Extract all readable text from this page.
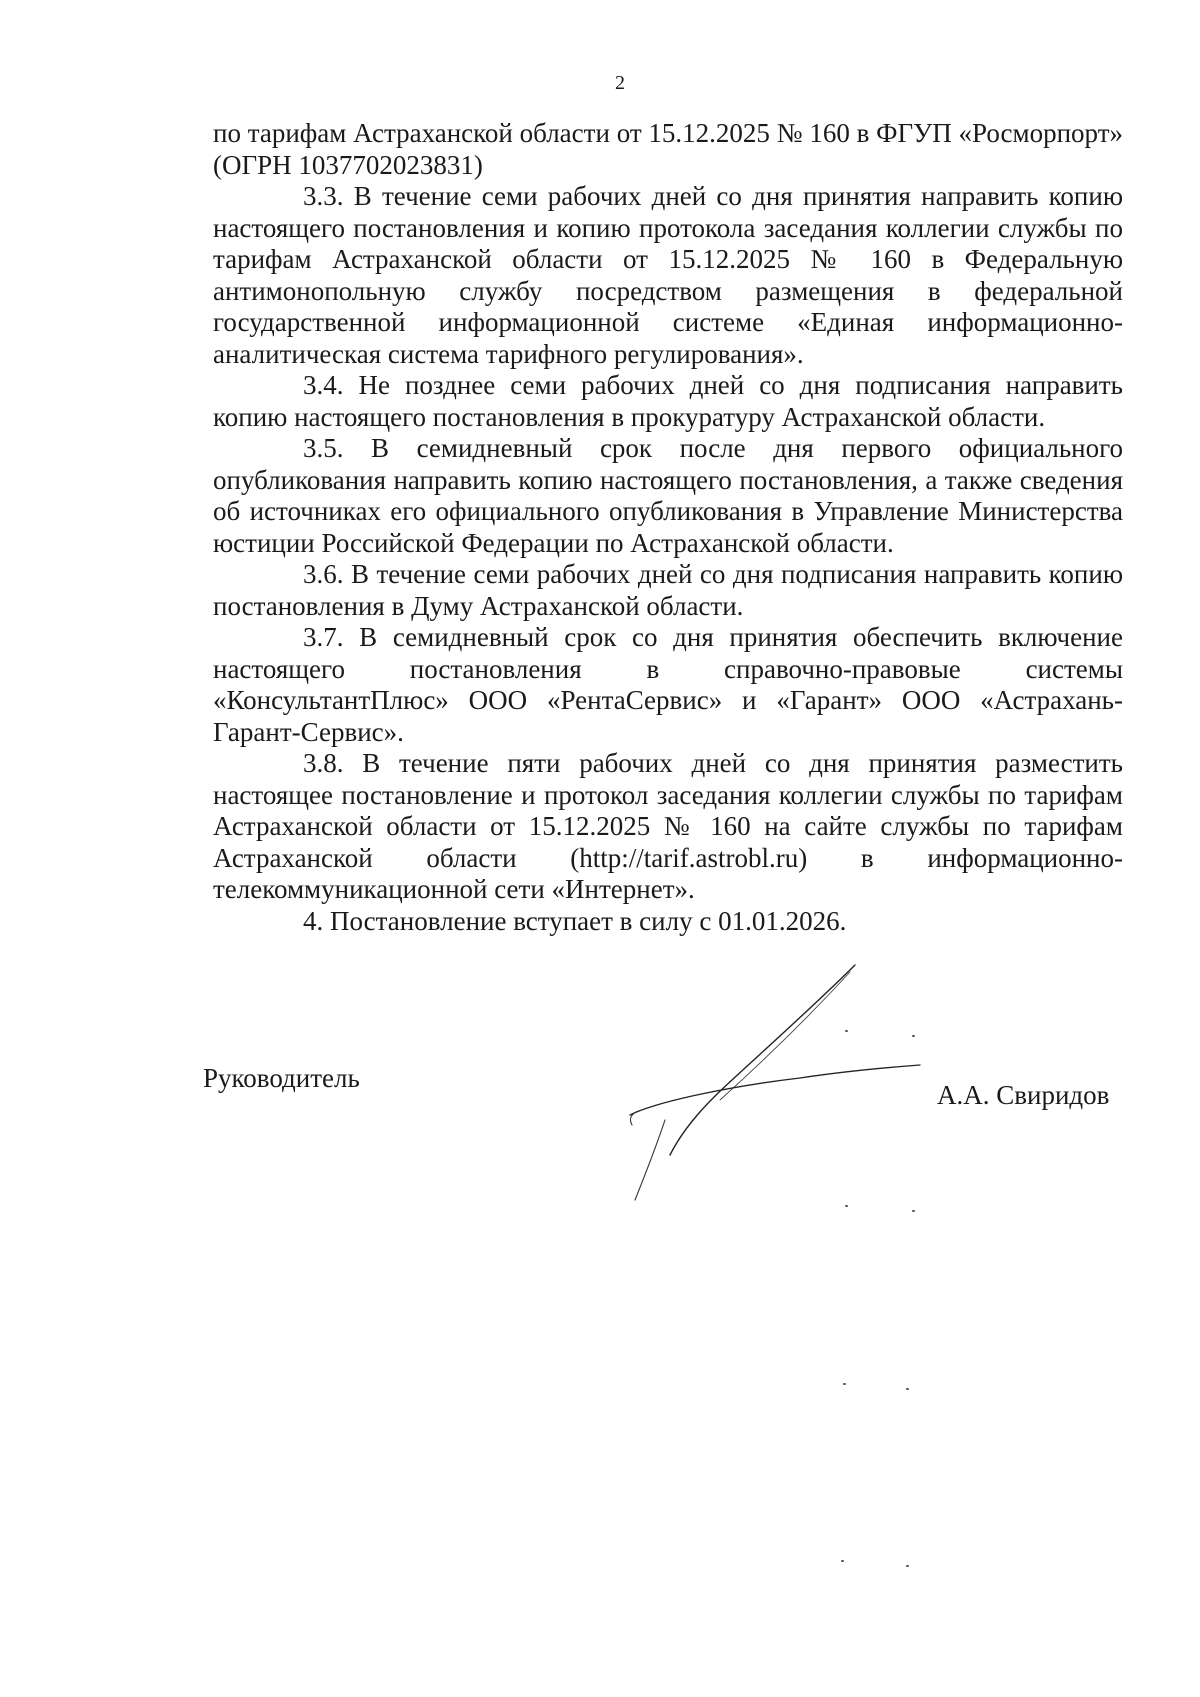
2

по тарифам Астраханской области от 15.12.2025 № 160 в ФГУП «Росморпорт» (ОГРН 1037702023831)

3.3. В течение семи рабочих дней со дня принятия направить копию настоящего постановления и копию протокола заседания коллегии службы по тарифам Астраханской области от 15.12.2025 № 160 в Федеральную антимонопольную службу посредством размещения в федеральной государственной информационной системе «Единая информационно-аналитическая система тарифного регулирования».

3.4. Не позднее семи рабочих дней со дня подписания направить копию настоящего постановления в прокуратуру Астраханской области.

3.5. В семидневный срок после дня первого официального опубликования направить копию настоящего постановления, а также сведения об источниках его официального опубликования в Управление Министерства юстиции Российской Федерации по Астраханской области.

3.6. В течение семи рабочих дней со дня подписания направить копию постановления в Думу Астраханской области.

3.7. В семидневный срок со дня принятия обеспечить включение настоящего постановления в справочно-правовые системы «КонсультантПлюс» ООО «РентаСервис» и «Гарант» ООО «Астрахань-Гарант-Сервис».

3.8. В течение пяти рабочих дней со дня принятия разместить настоящее постановление и протокол заседания коллегии службы по тарифам Астраханской области от 15.12.2025 № 160 на сайте службы по тарифам Астраханской области (http://tarif.astrobl.ru) в информационно-телекоммуникационной сети «Интернет».

4. Постановление вступает в силу с 01.01.2026.

Руководитель
А.А. Свиридов
